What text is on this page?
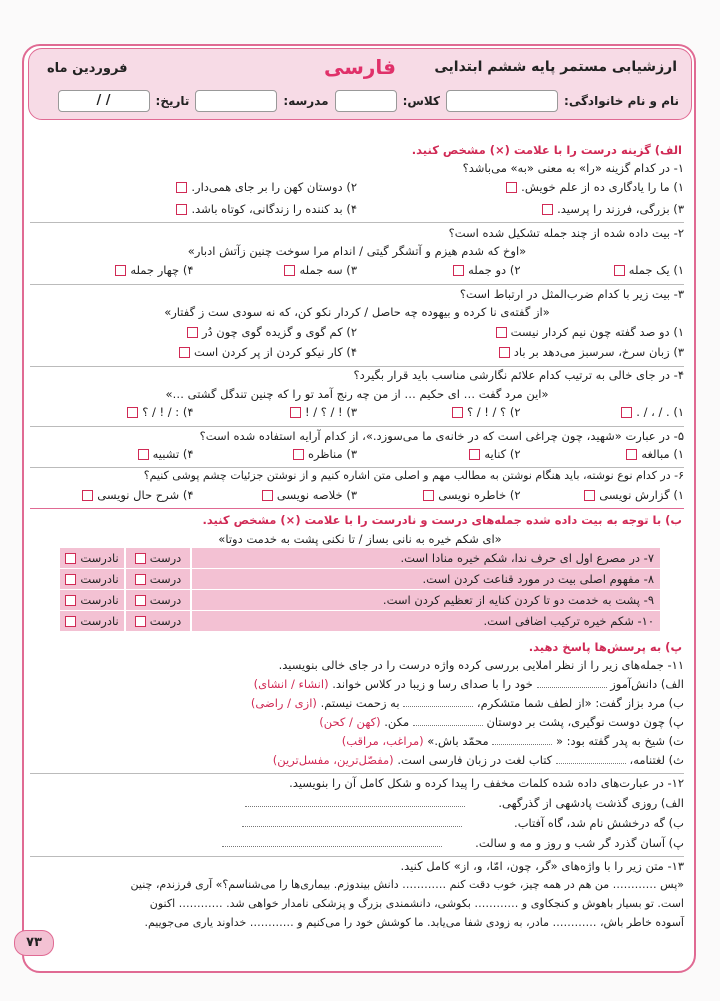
ارزشیابی مستمر پایه ششم ابتدایی
فارسی
فروردین ماه
نام و نام خانوادگی:
کلاس:
مدرسه:
تاریخ:
/ /
الف) گزینه درست را با علامت (×) مشخص کنید.
۱- در کدام گزینه «را» به معنی «به» می‌باشد؟
۱) ما را یادگاری ده از علم خویش.
۲) دوستان کهن را بر جای همی‌دار.
۳) بزرگی، فرزند را پرسید.
۴) بد کننده را زندگانی، کوتاه باشد.
۲- بیت داده شده از چند جمله تشکیل شده است؟
«اوخ که شدم هیزم و آتشگر گیتی / اندام مرا سوخت چنین زآتش ادبار»
۱) یک جمله
۲) دو جمله
۳) سه جمله
۴) چهار جمله
۳- بیت زیر با کدام ضرب‌المثل در ارتباط است؟
«از گفته‌ی نا کرده و بیهوده چه حاصل / کردار نکو کن، که نه سودی ست ز گفتار»
۱) دو صد گفته چون نیم کردار نیست
۲) کم گوی و گزیده گوی چون دُر
۳) زبان سرخ، سرسبز می‌دهد بر باد
۴) کار نیکو کردن از پر کردن است
۴- در جای خالی به ترتیب کدام علائم نگارشی مناسب باید قرار بگیرد؟
«این مرد گفت … ای حکیم … از من چه رنج آمد تو را که چنین تندگل گشتی …»
۱) . / ، / .
۲) ؟ / ! / ؟
۳) ! / ؟ / !
۴) : / ! / ؟
۵- در عبارت «شهید، چون چراغی است که در خانه‌ی ما می‌سوزد.»، از کدام آرایه استفاده شده است؟
۱) مبالغه
۲) کنایه
۳) مناظره
۴) تشبیه
۶- در کدام نوع نوشته، باید هنگام نوشتن به مطالب مهم و اصلی متن اشاره کنیم و از نوشتن جزئیات چشم پوشی کنیم؟
۱) گزارش نویسی
۲) خاطره نویسی
۳) خلاصه نویسی
۴) شرح حال نویسی
ب) با توجه به بیت داده شده جمله‌های درست و نادرست را با علامت (×) مشخص کنید.
«ای شکم خیره به نانی بساز / تا نکنی پشت به خدمت دوتا»
۷- در مصرع اول ای حرف ندا، شکم خیره منادا است.
درست
نادرست
۸- مفهوم اصلی بیت در مورد قناعت کردن است.
درست
نادرست
۹- پشت به خدمت دو تا کردن کنایه از تعظیم کردن است.
درست
نادرست
۱۰- شکم خیره ترکیب اضافی است.
درست
نادرست
پ) به پرسش‌ها پاسخ دهید.
۱۱- جمله‌های زیر را از نظر املایی بررسی کرده واژه درست را در جای خالی بنویسید.
الف) دانش‌آموز  خود را با صدای رسا و زیبا در کلاس خواند. (انشاء / انشای)
ب) مرد بزاز گفت: «از لطف شما متشکرم،  به زحمت نیستم. (ازی / راضی)
پ) چون دوست نوگیری، پشت بر دوستان  مکن. (کهن / کحن)
ت) شیخ به پدر گفته بود: «  محمّد باش.» (مراغب، مراقب)
ث) لغتنامه،  کتاب لغت در زبان فارسی است. (مفصّل‌ترین، مفسل‌ترین)
۱۲- در عبارت‌های داده شده کلمات مخفف را پیدا کرده و شکل کامل آن را بنویسید.
الف) روزی گذشت پادشهی از گذرگهی.
ب) گه درخشش نام شد، گاه آفتاب.
پ) آسان گذرد گر شب و روز و مه و سالت.
۱۳- متن زیر را با واژه‌های «گر، چون، امّا، و، از» کامل کنید.
«پس ………… من هم در همه چیز، خوب دقت کنم ………… دانش بیندوزم. بیماری‌ها را می‌شناسم؟» آری فرزندم، چنین
است. تو بسیار باهوش و کنجکاوی و ………… بکوشی، دانشمندی بزرگ و پزشکی نامدار خواهی شد. ………… اکنون
آسوده خاطر باش، ………… مادر، به زودی شفا می‌یابد. ما کوشش خود را می‌کنیم و ………… خداوند یاری می‌جوییم.
۷۳
